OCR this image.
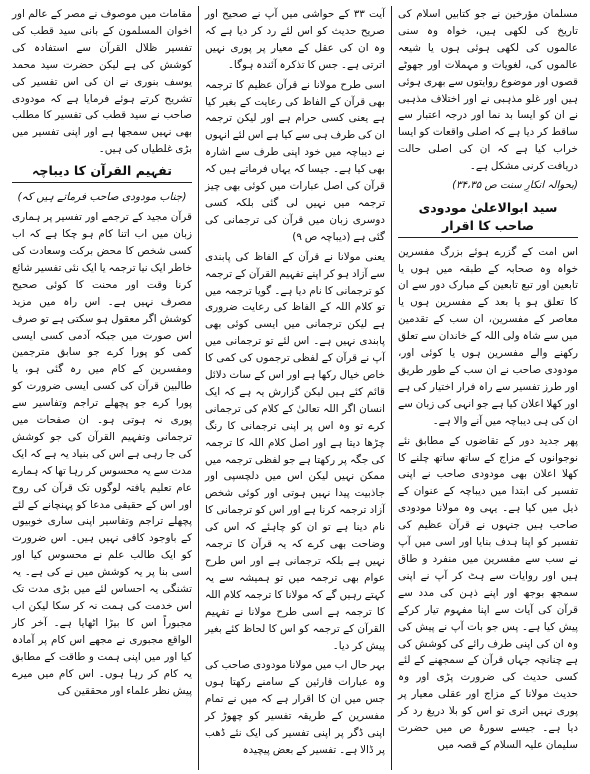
مسلمان مؤرخین نے جو کتابیں اسلام کی تاریخ کی لکھی ہیں، خواہ وہ سنی عالموں کی لکھی ہوئی ہوں یا شیعہ عالموں کی، لغویات و مہملات اور جھوٹے قصوں اور موضوع روایتوں سے بھری ہوئی ہیں اور غلو مذہبی نے اور اختلاف مذہبی نے ان کو ایسا بد نما اور درجہ اعتبار سے ساقط کر دیا ہے کہ اصلی واقعات کو ایسا خراب کیا ہے کہ ان کی اصلی حالت دریافت کرنی مشکل ہے۔

(بحوالہ انکارِ سنت ص ۳۴،۳۵)
سید ابوالاعلیٰ مودودی صاحب کا اقرار

اس امت کے گزرے ہوئے بزرگ مفسرین خواہ وہ صحابہ کے طبقہ میں ہوں یا تابعین اور تبع تابعین کے مبارک دور سے ان کا تعلق ہو یا بعد کے مفسرین ہوں یا معاصر کے مفسرین، ان سب کے تقدمین میں سے شاہ ولی اللہ کے خاندان سے تعلق رکھنے والے مفسرین ہوں یا کوئی اور، مودودی صاحب نے ان سب کے طور طریق اور طرز تفسیر سے راہ فرار اختیار کی ہے اور کھلا اعلان کیا ہے جو انہی کی زبان سے ان کی ہی دیباچہ میں آنے والا ہے۔

پھر جدید دور کے تقاضوں کے مطابق نئے نوجوانوں کے مزاج کے ساتھ ساتھ چلنے کا کھلا اعلان بھی مودودی صاحب نے اپنی تفسیر کی ابتدا میں دیباچہ کے عنوان کے ذیل میں کیا ہے۔ یہی وہ مولانا مودودی صاحب ہیں جنہوں نے قرآن عظیم کی تفسیر کو اپنا ہدف بنایا اور اسی میں آپ نے سب سے مفسرین میں منفرد و طاق ہیں اور روایات سے ہٹ کر آپ نے اپنی سمجھ بوجھ اور اپنے ذہن کی مدد سے قرآن کی آیات سے اپنا مفہوم تیار کرکے پیش کیا ہے۔ پس جو بات آپ نے پیش کی وہ ان کی اپنی طرف رائے کی کوشش کی ہے چنانچہ جہاں قرآن کے سمجھنے کے لئے کسی حدیث کی ضرورت پڑی اور وہ حدیث مولانا کے مزاج اور عقلی معیار پر پوری نہیں اتری تو اس کو بلا دریغ رد کر دیا ہے۔ جیسے سورۂ ص میں حضرت سلیمان علیہ السلام کے قصہ میں

آیت ۳۳ کے حواشی میں آپ نے صحیح اور صریح حدیث کو اس لئے رد کر دیا ہے کہ وہ ان کی عقل کے معیار پر پوری نہیں اترتی ہے۔ جس کا تذکرہ آئندہ ہوگا۔

اسی طرح مولانا نے قرآن عظیم کا ترجمہ بھی قرآن کے الفاظ کی رعایت کے بغیر کیا ہے یعنی کسی حرام ہے اور لیکن ترجمہ ان کی طرف ہی سے کیا ہے اس لئے انہوں نے دیباچہ میں خود اپنی طرف سے اشارہ بھی کیا ہے۔ جیسا کہ یہاں فرماتے ہیں کہ قرآن کی اصل عبارات میں کوئی بھی چیز ترجمہ میں نہیں لی گئی بلکہ کسی دوسری زبان میں قرآن کی ترجمانی کی گئی ہے (دیباچہ ص ۹)

یعنی مولانا نے قرآن کے الفاظ کی پابندی سے آزاد ہو کر اپنے تفہیم القرآن کے ترجمہ کو ترجمانی کا نام دیا ہے۔ گویا ترجمہ میں تو کلام اللہ کے الفاظ کی رعایت ضروری ہے لیکن ترجمانی میں ایسی کوئی بھی پابندی نہیں ہے۔ اس لئے تو ترجمانی میں آپ نے قرآن کے لفظی ترجموں کی کمی کا خاص خیال رکھا ہے اور اس کے سات دلائل قائم کئے ہیں لیکن گزارش یہ ہے کہ ایک انسان اگر اللہ تعالیٰ کے کلام کی ترجمانی کرے تو وہ اس پر اپنی ترجمانی کا رنگ چڑھا دیتا ہے اور اصل کلام اللہ کا ترجمہ کی جگہ پر رکھتا ہے جو لفظی ترجمہ میں ممکن نہیں لیکن اس میں دلچسپی اور جاذبیت پیدا نہیں ہوتی اور کوئی شخص آزاد ترجمہ کرنا ہے اور اس کو ترجمانی کا نام دینا ہے تو ان کو چاہئے کہ اس کی وضاحت بھی کرے کہ یہ قرآن کا ترجمہ نہیں ہے بلکہ ترجمانی ہے اور اس طرح عوام بھی ترجمہ میں تو ہمیشہ سے یہ کہتے رہیں گے کہ مولانا کا ترجمہ کلام اللہ کا ترجمہ ہے اسی طرح مولانا نے تفہیم القرآن کے ترجمہ کو اس کا لحاظ کئے بغیر پیش کر دیا۔

بہر حال اب میں مولانا مودودی صاحب کی وہ عبارات قارئین کے سامنے رکھتا ہوں جس میں ان کا اقرار ہے کہ میں نے تمام مفسرین کے طریقہ تفسیر کو چھوڑ کر اپنی ڈگر پر اپنی تفسیر کی ایک نئے ڈھب پر ڈالا ہے۔ تفسیر کے بعض پیچیدہ

مقامات میں موصوف نے مصر کے عالم اور اخوان المسلمون کے بانی سید قطب کی تفسیر ظلال القرآن سے استفادہ کی کوشش کی ہے لیکن حضرت سید محمد یوسف بنوری نے ان کی اس تفسیر کی تشریح کرتے ہوئے فرمایا ہے کہ مودودی صاحب نے سید قطب کی تفسیر کا مطلب بھی نہیں سمجھا ہے اور اپنی تفسیر میں بڑی غلطیاں کی ہیں۔

تفہیم القرآن کا دیباچہ
(جناب مودودی صاحب فرماتے ہیں کہ)

قرآن مجید کے ترجمے اور تفسیر پر ہماری زبان میں اب اتنا کام ہو چکا ہے کہ اب کسی شخص کا محض برکت وسعادت کی خاطر ایک نیا ترجمہ یا ایک نئی تفسیر شائع کرنا وقت اور محنت کا کوئی صحیح مصرف نہیں ہے۔ اس راہ میں مزید کوشش اگر معقول ہو سکتی ہے تو صرف اس صورت میں جبکہ آدمی کسی ایسی کمی کو پورا کرے جو سابق مترجمین ومفسرین کے کام میں رہ گئی ہو، یا طالبین قرآن کی کسی ایسی ضرورت کو پورا کرے جو پچھلے تراجم وتفاسیر سے پوری نہ ہوتی ہو۔ ان صفحات میں ترجمانی وتفہیم القرآن کی جو کوشش کی جا رہی ہے اس کی بنیاد یہ ہے کہ ایک مدت سے یہ محسوس کر رہا تھا کہ ہمارے عام تعلیم یافتہ لوگوں تک قرآن کی روح اور اس کے حقیقی مدعا کو پہنچانے کے لئے پچھلے تراجم وتفاسیر اپنی ساری خوبیوں کے باوجود کافی نہیں ہیں۔ اس ضرورت کو ایک طالب علم نے محسوس کیا اور اسی بنا پر یہ کوشش میں نے کی ہے۔ یہ تشنگی یہ احساس لئے میں بڑی مدت تک اس خدمت کی ہمت نہ کر سکا لیکن اب مجبوراً اس کا بیڑا اٹھایا ہے۔ آخر کار الواقع مجبوری نے مجھے اس کام پر آمادہ کیا اور میں اپنی ہمت و طاقت کے مطابق یہ کام کر رہا ہوں۔ اس کام میں میرے پیش نظر علماء اور محققین کی
